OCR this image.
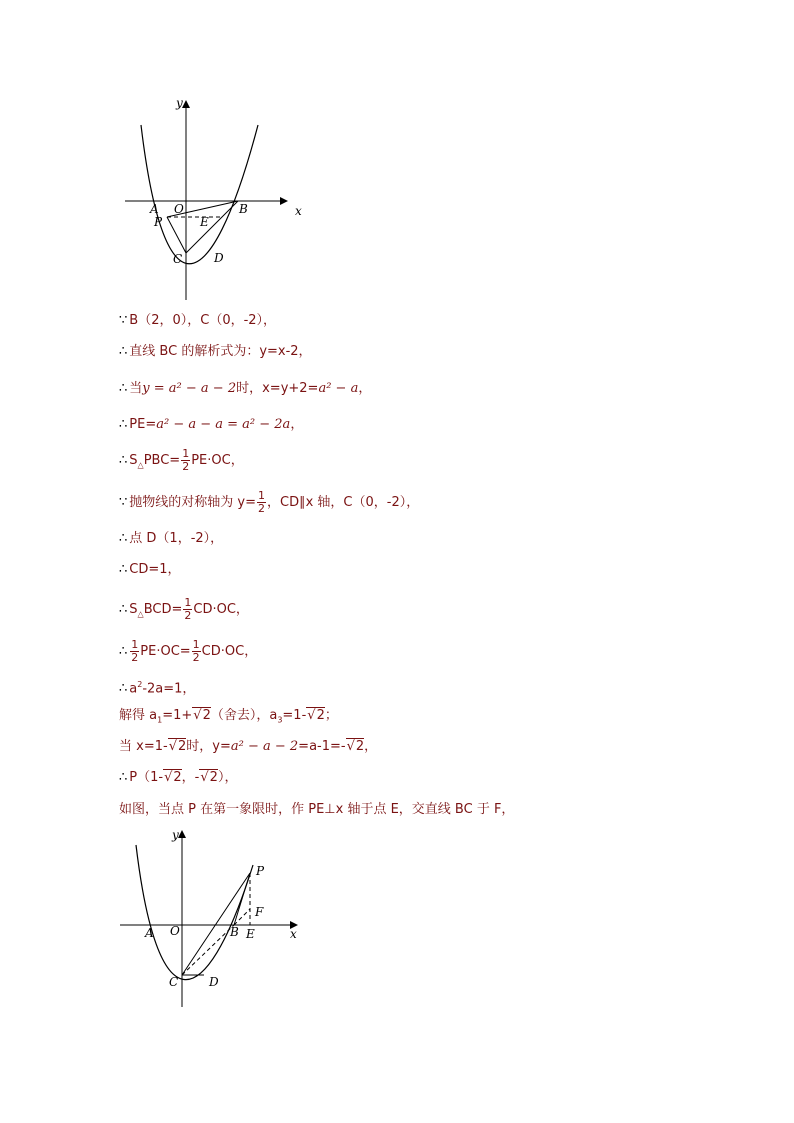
x
y
A O	B
P	E
C	D
∵ B（2，0），C（0，-2），
∴ 直线 BC 的解析式为：y=x-2，
∴ 当y = a² − a − 2时，x=y+2=a² − a，
∴ PE=a² − a − a = a² − 2a，
∴ $S_\triangle PBC= \frac{1}{2} PE\cdot OC$，
∵ 抛物线的对称轴为 $y= \frac{1}{2}$ ，CD∥x 轴，C（0，-2），
∴ 点 D（1，-2），
∴ CD=1，
∴ $S_\triangle BCD= \frac{1}{2} CD\cdot OC$，
∴ $\frac{1}{2} PE\cdot OC= \frac{1}{2} CD\cdot OC$，
∴ $a^2-2a=1$，
解得 $a_1=1+√$ 2（舍去），$a_3=1-√$ 2；
当 x=1-√ 2时，y=a² − a − 2=a-1=-√ 2，
∴ P（1-√ 2，-√ 2），
如图，当点 P 在第一象限时，作 PE⊥x 轴于点 E，交直线 BC 于 F，
x
y
A O	B
P
F
E
C	D
